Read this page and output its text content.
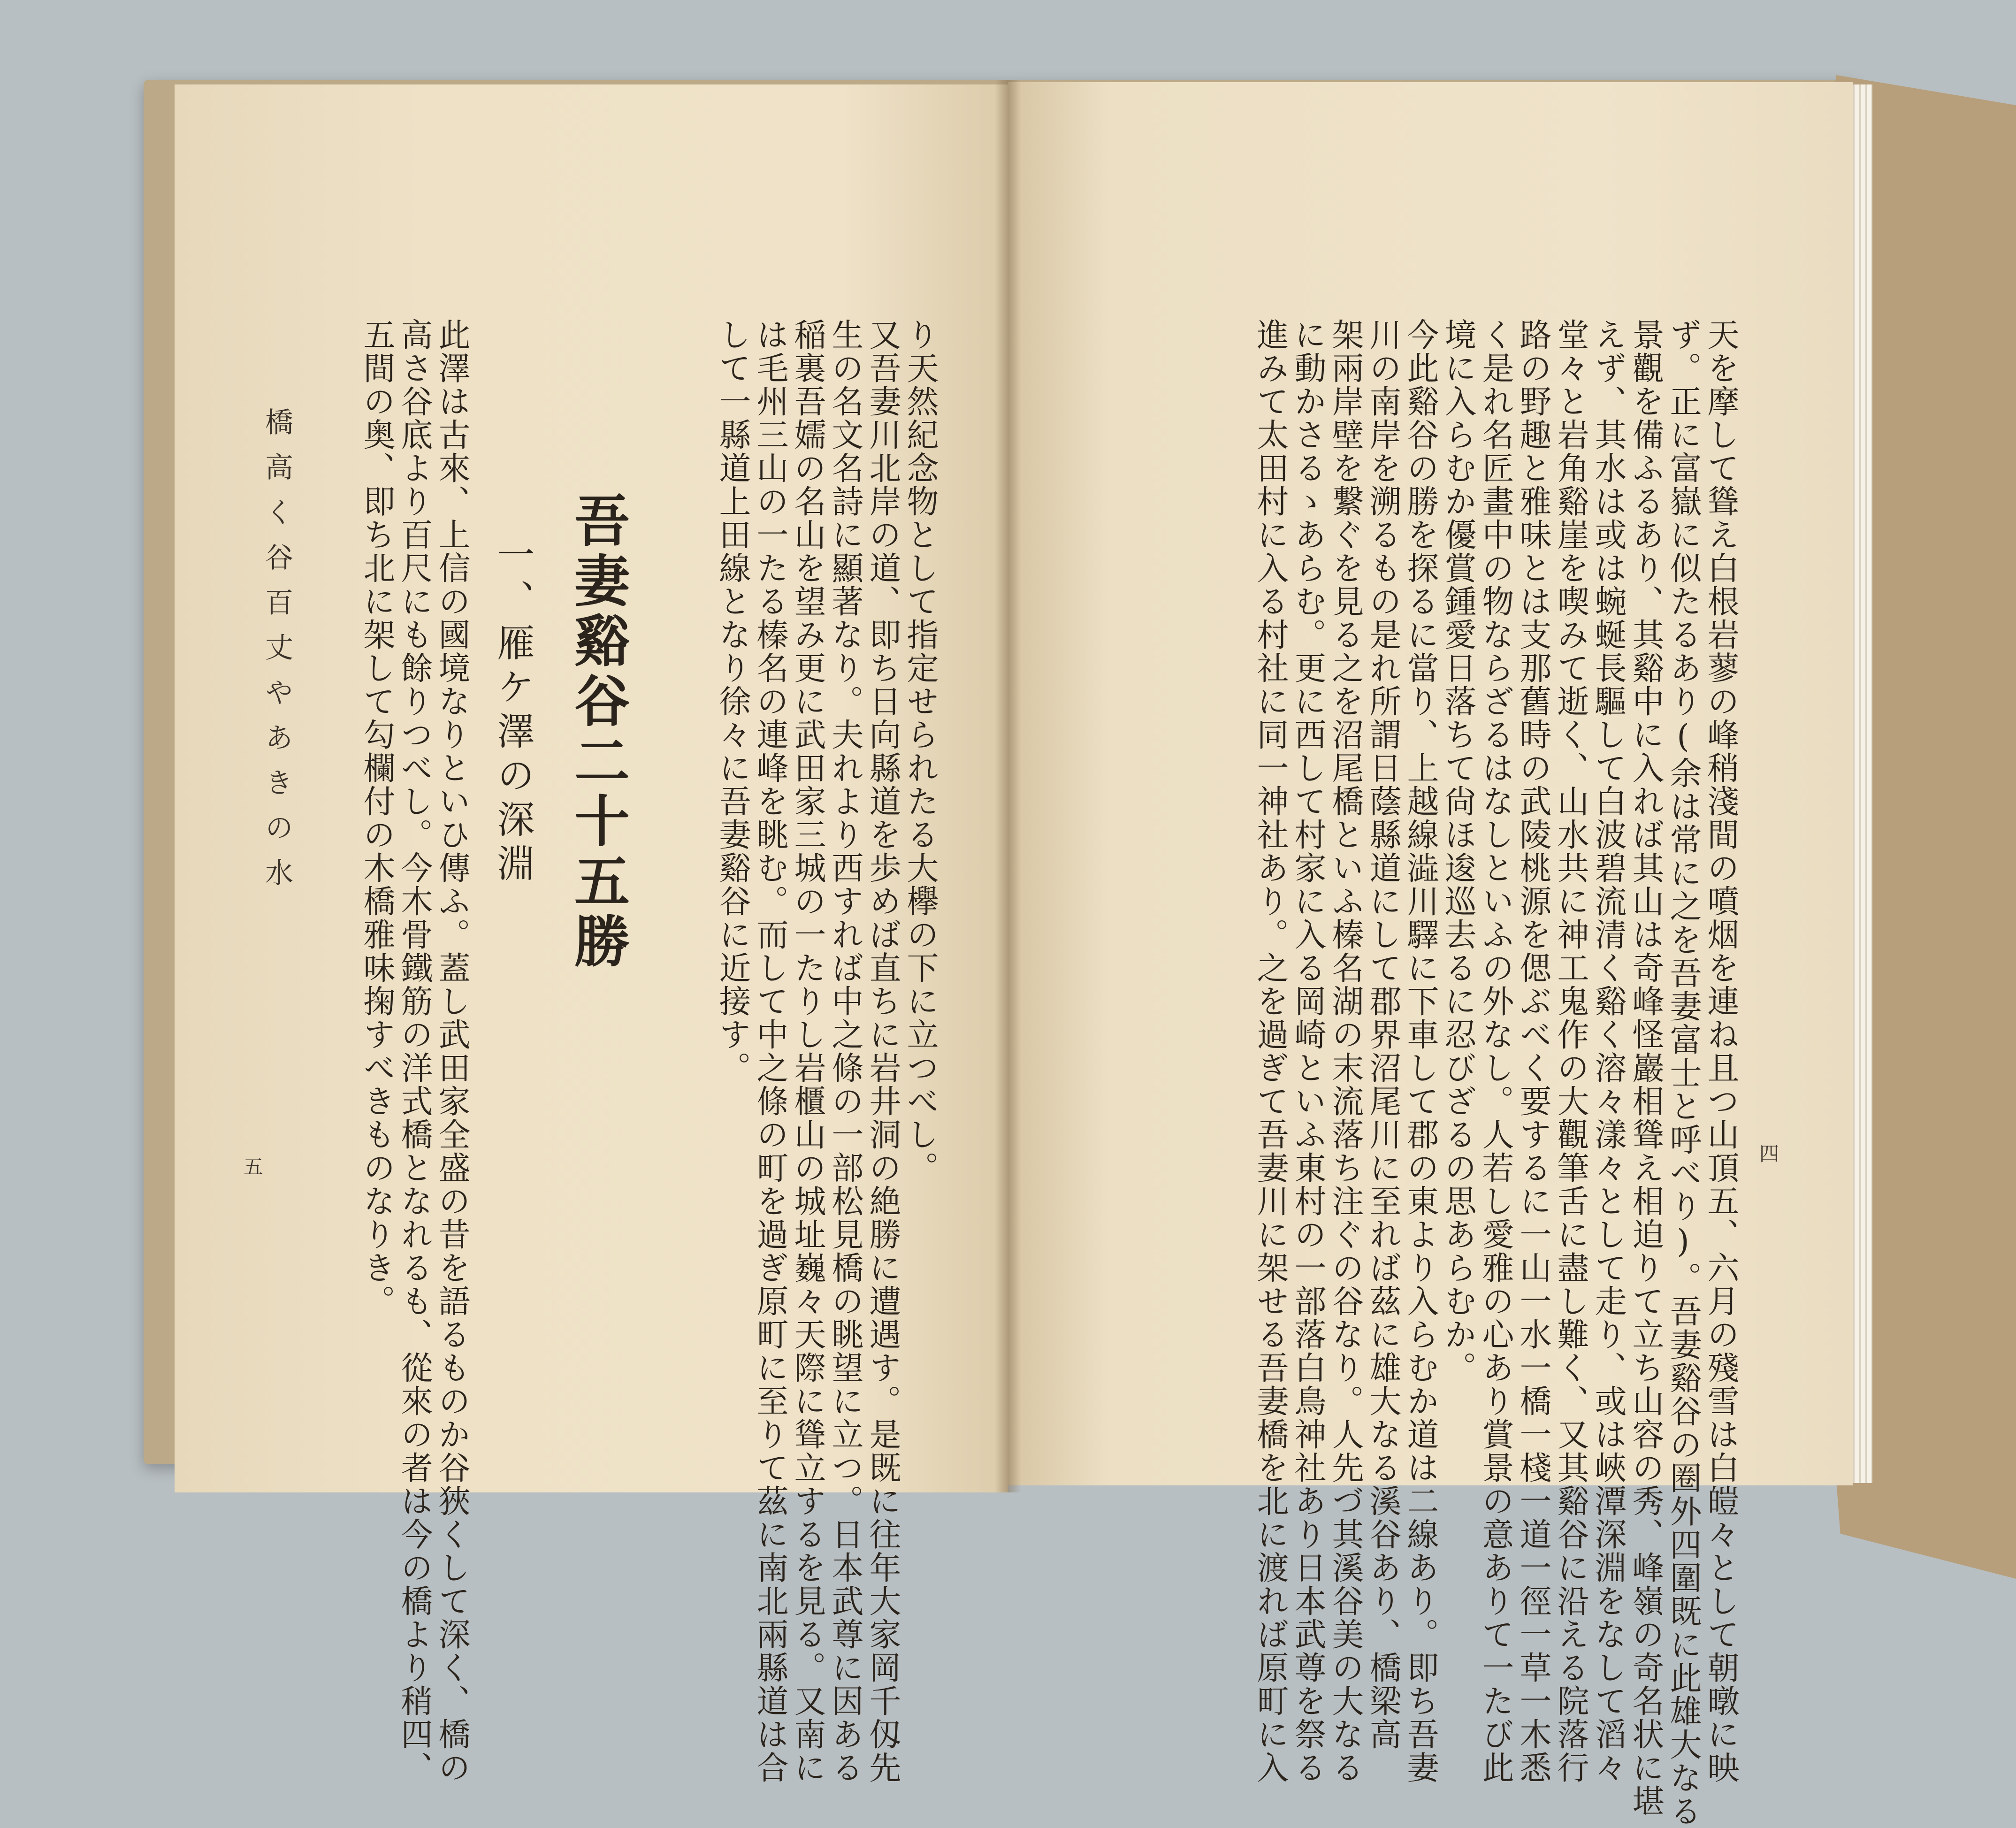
天を摩して聳え白根岩蓼の峰稍淺間の噴烟を連ね且つ山頂五、六月の殘雪は白皚々として朝暾に映
ず。正に富嶽に似たるあり(余は常に之を吾妻富士と呼べり)。吾妻谿谷の圈外四圍既に此雄大なる
景觀を備ふるあり、其谿中に入れば其山は奇峰怪巖相聳え相迫りて立ち山容の秀、峰嶺の奇名状に堪
えず、其水は或は蜿蜒長驅して白波碧流清く谿く溶々漾々として走り、或は峽潭深淵をなして滔々
堂々と岩角谿崖を喫みて逝く、山水共に神工鬼作の大觀筆舌に盡し難く、又其谿谷に沿える院落行
路の野趣と雅味とは支那舊時の武陵桃源を偲ぶべく要するに一山一水一橋一棧一道一徑一草一木悉
く是れ名匠畫中の物ならざるはなしといふの外なし。人若し愛雅の心あり賞景の意ありて一たび此
境に入らむか優賞鍾愛日落ちて尙ほ逡巡去るに忍びざるの思あらむか。
今此谿谷の勝を探るに當り、上越線澁川驛に下車して郡の東より入らむか道は二線あり。即ち吾妻
川の南岸を溯るもの是れ所謂日蔭縣道にして郡界沼尾川に至れば茲に雄大なる溪谷あり、橋梁高
架兩岸壁を繋ぐを見る之を沼尾橋といふ榛名湖の末流落ち注ぐの谷なり。人先づ其溪谷美の大なる
に動かさるゝあらむ。更に西して村家に入る岡崎といふ東村の一部落白鳥神社あり日本武尊を祭る
進みて太田村に入る村社に同一神社あり。之を過ぎて吾妻川に架せる吾妻橋を北に渡れば原町に入	四
り天然紀念物として指定せられたる大欅の下に立つべし。
又吾妻川北岸の道、即ち日向縣道を歩めば直ちに岩井洞の絶勝に遭遇す。是既に往年大家岡千仭先
生の名文名詩に顯著なり。夫れより西すれば中之條の一部松見橋の眺望に立つ。日本武尊に因ある
稲裏吾嬬の名山を望み更に武田家三城の一たりし岩櫃山の城址巍々天際に聳立するを見る。又南に
は毛州三山の一たる榛名の連峰を眺む。而して中之條の町を過ぎ原町に至りて茲に南北兩縣道は合
して一縣道上田線となり徐々に吾妻谿谷に近接す。
吾妻谿谷二十五勝
一、雁ケ澤の深淵
此澤は古來、上信の國境なりといひ傳ふ。蓋し武田家全盛の昔を語るものか谷狹くして深く、橋の
高さ谷底より百尺にも餘りつべし。今木骨鐵筋の洋式橋となれるも、從來の者は今の橋より稍四、
五間の奥、即ち北に架して勾欄付の木橋雅味掬すべきものなりき。
橋高く谷百丈やあきの水
五
